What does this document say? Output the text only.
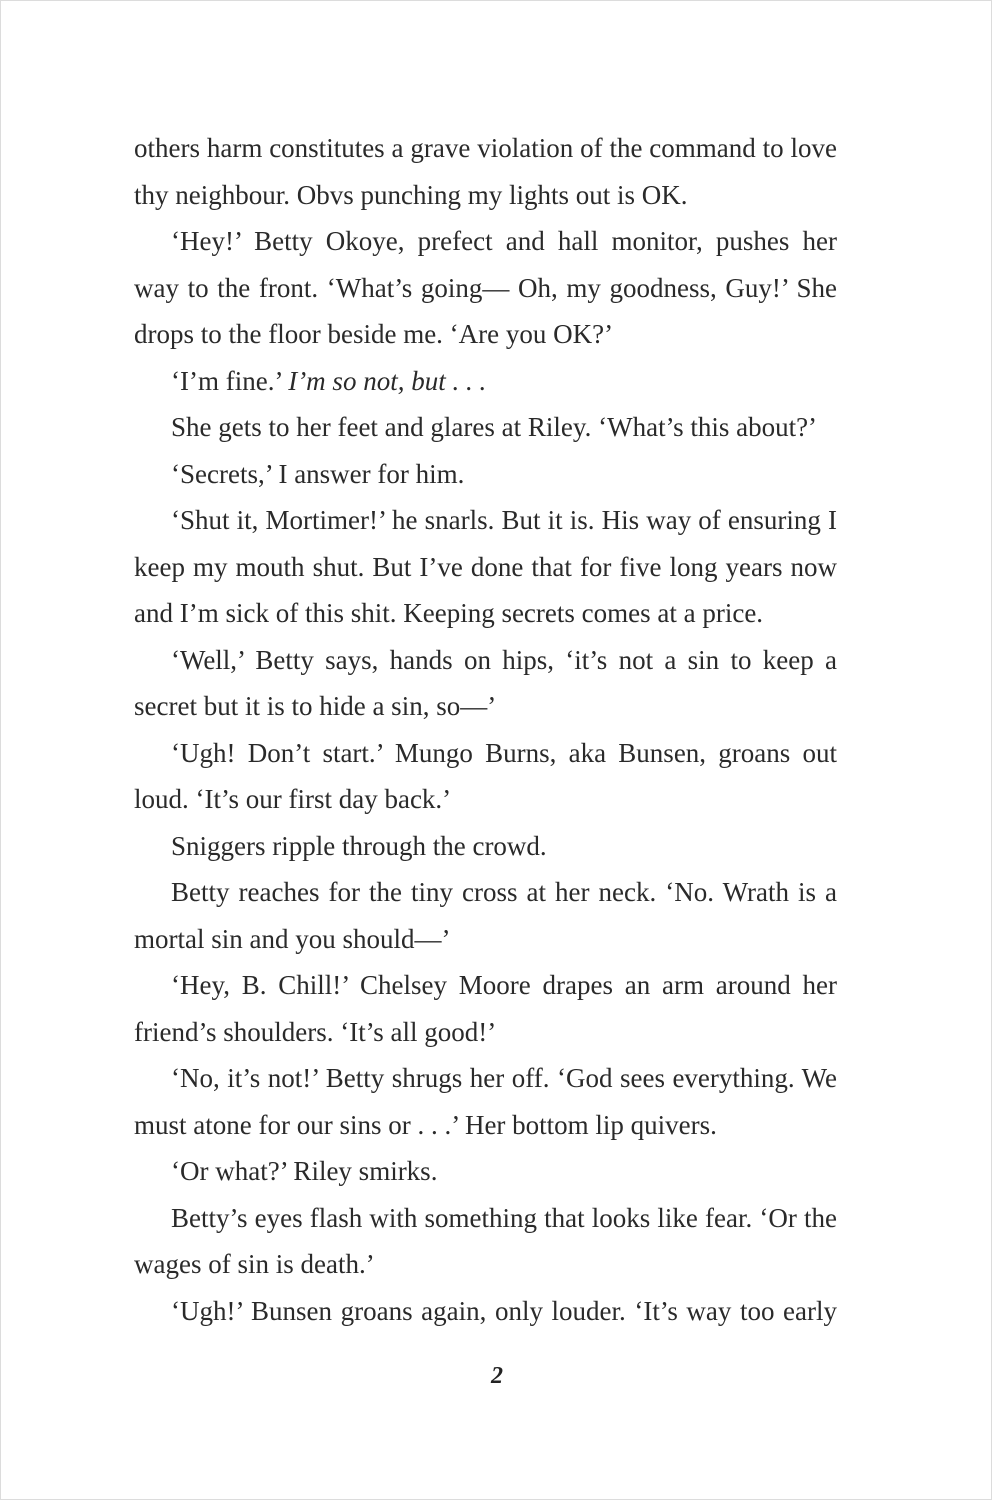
others harm constitutes a grave violation of the command to love thy neighbour. Obvs punching my lights out is OK.

‘Hey!’ Betty Okoye, prefect and hall monitor, pushes her way to the front. ‘What’s going— Oh, my goodness, Guy!’ She drops to the floor beside me. ‘Are you OK?’

‘I’m fine.’ I’m so not, but . . .

She gets to her feet and glares at Riley. ‘What’s this about?’

‘Secrets,’ I answer for him.

‘Shut it, Mortimer!’ he snarls. But it is. His way of ensuring I keep my mouth shut. But I’ve done that for five long years now and I’m sick of this shit. Keeping secrets comes at a price.

‘Well,’ Betty says, hands on hips, ‘it’s not a sin to keep a secret but it is to hide a sin, so—’

‘Ugh! Don’t start.’ Mungo Burns, aka Bunsen, groans out loud. ‘It’s our first day back.’

Sniggers ripple through the crowd.

Betty reaches for the tiny cross at her neck. ‘No. Wrath is a mortal sin and you should—’

‘Hey, B. Chill!’ Chelsey Moore drapes an arm around her friend’s shoulders. ‘It’s all good!’

‘No, it’s not!’ Betty shrugs her off. ‘God sees everything. We must atone for our sins or . . .’ Her bottom lip quivers.

‘Or what?’ Riley smirks.

Betty’s eyes flash with something that looks like fear. ‘Or the wages of sin is death.’

‘Ugh!’ Bunsen groans again, only louder. ‘It’s way too early

2
